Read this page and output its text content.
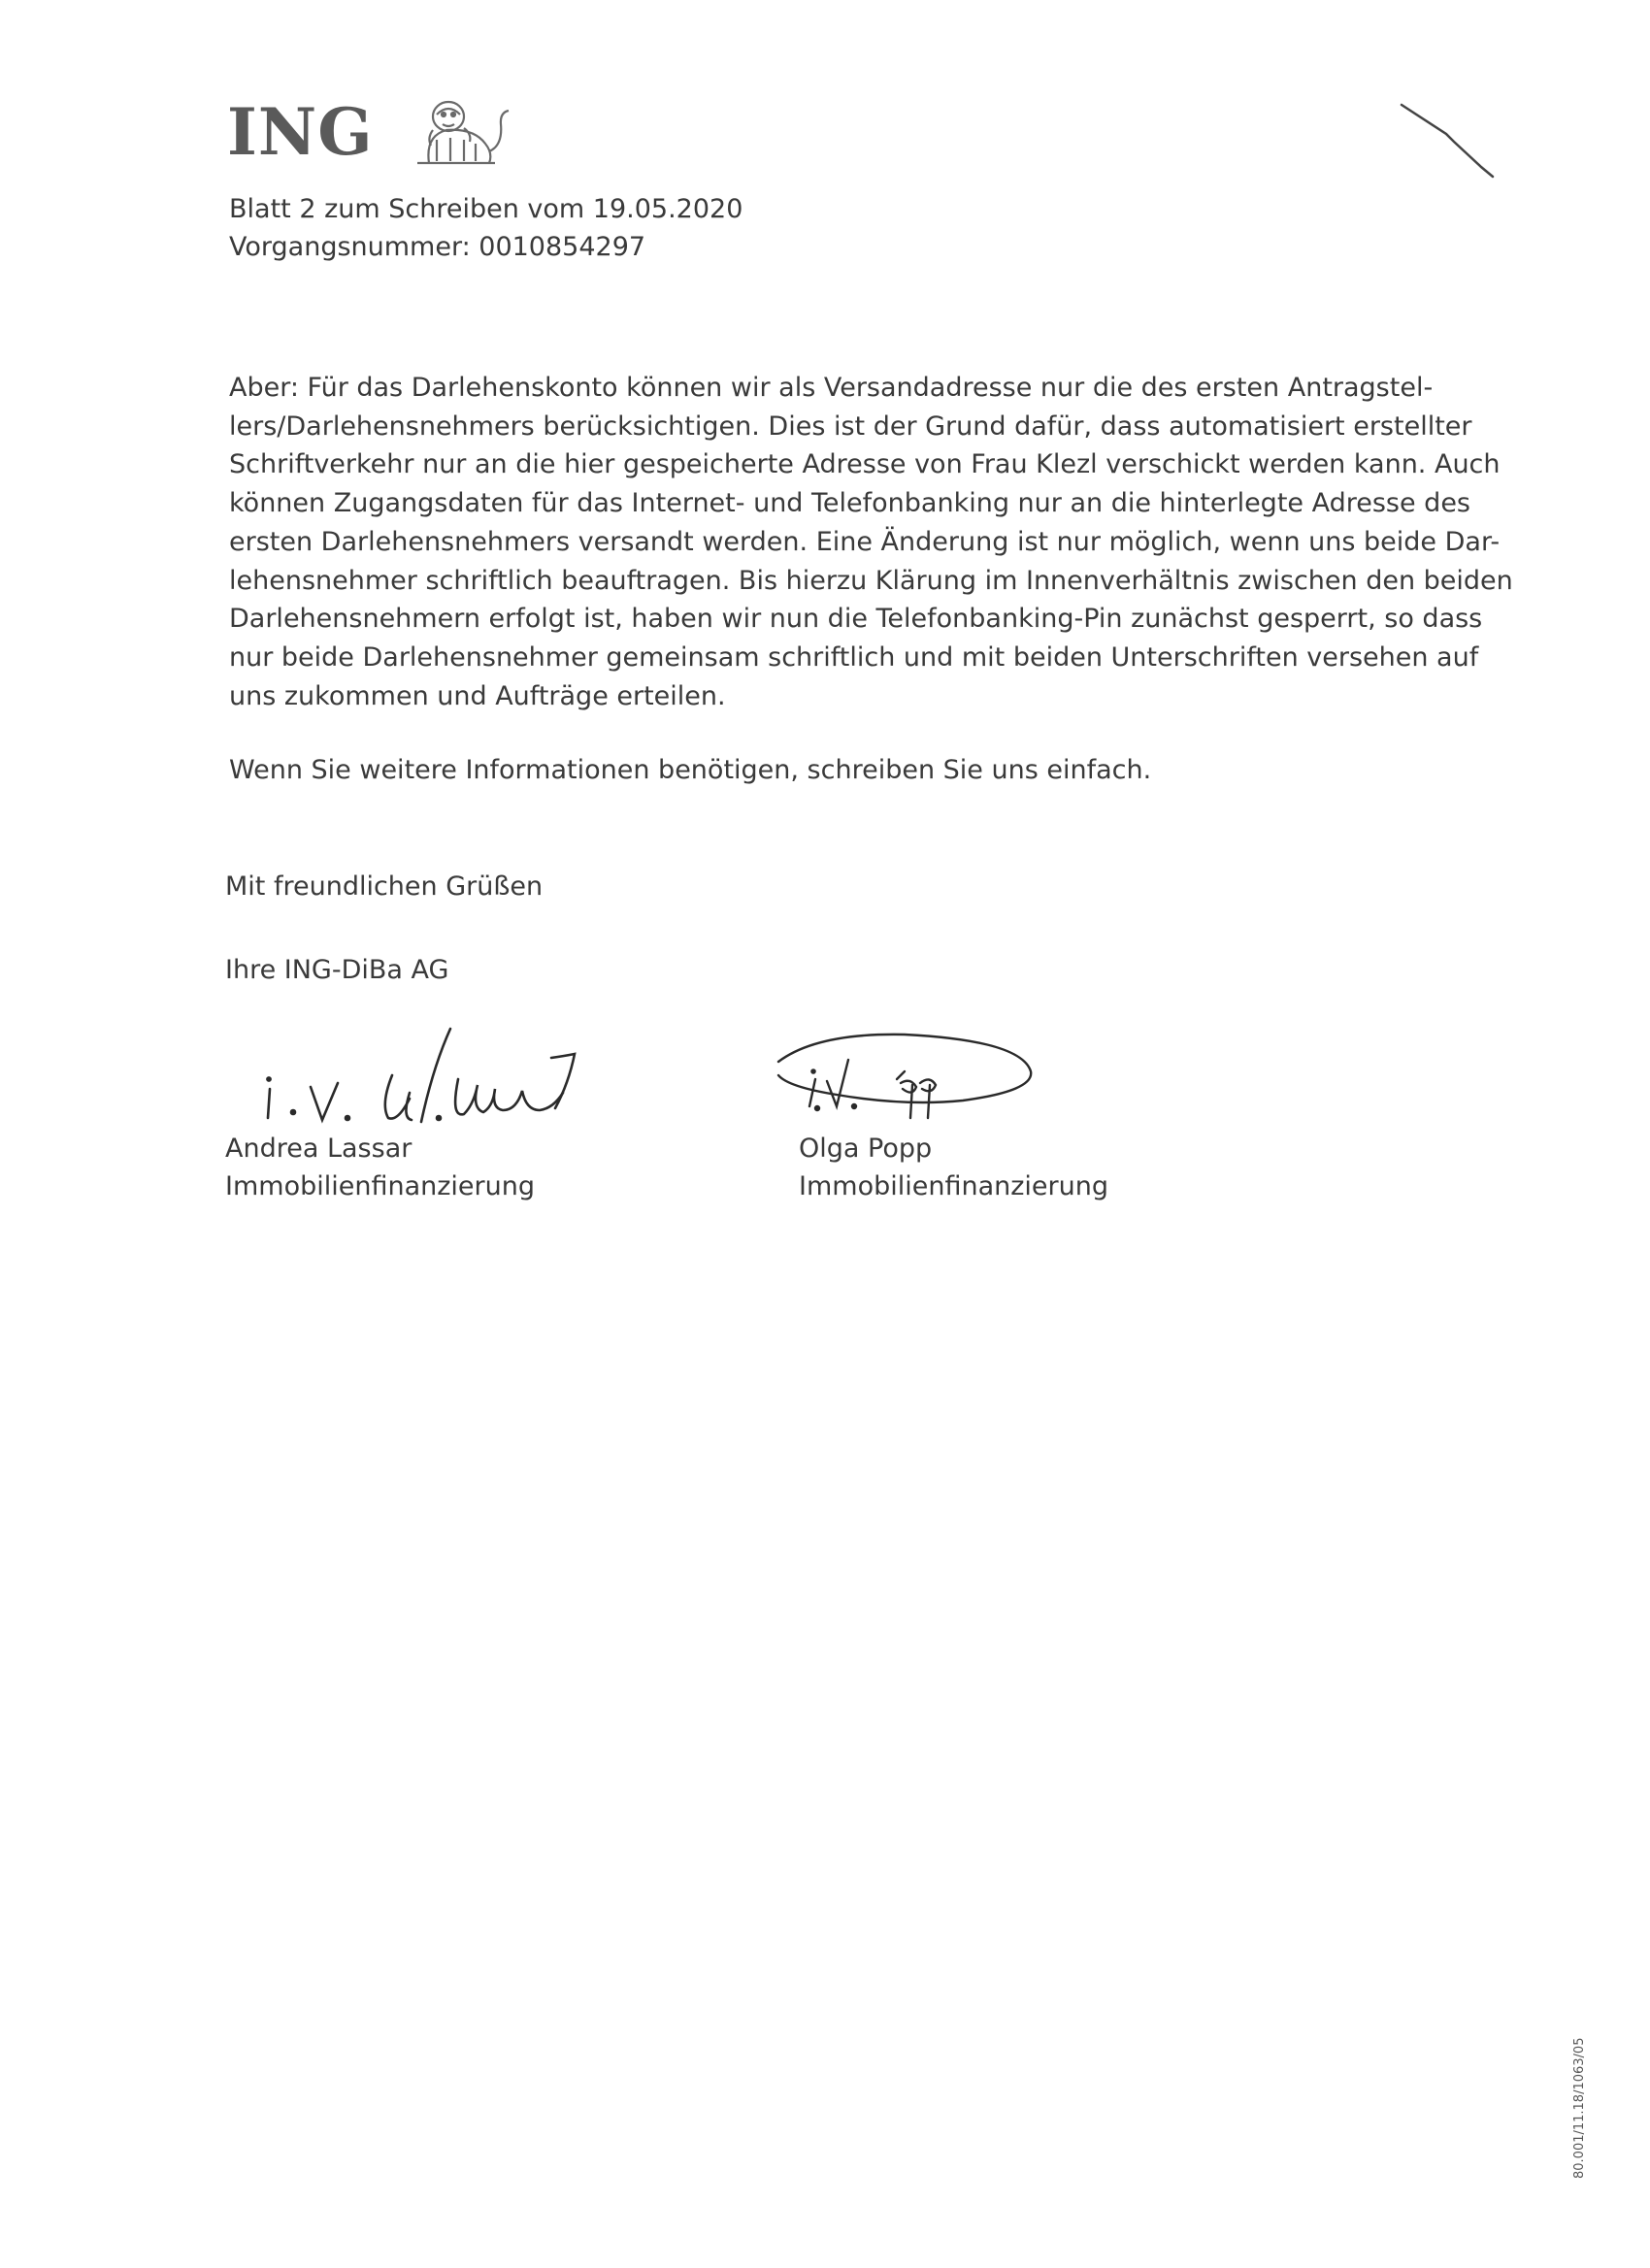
ING
Blatt 2 zum Schreiben vom 19.05.2020
Vorgangsnummer: 0010854297
Aber: Für das Darlehenskonto können wir als Versandadresse nur die des ersten Antragstel-
lers/Darlehensnehmers berücksichtigen. Dies ist der Grund dafür, dass automatisiert erstellter
Schriftverkehr nur an die hier gespeicherte Adresse von Frau Klezl verschickt werden kann. Auch
können Zugangsdaten für das Internet- und Telefonbanking nur an die hinterlegte Adresse des
ersten Darlehensnehmers versandt werden. Eine Änderung ist nur möglich, wenn uns beide Dar-
lehensnehmer schriftlich beauftragen. Bis hierzu Klärung im Innenverhältnis zwischen den beiden
Darlehensnehmern erfolgt ist, haben wir nun die Telefonbanking-Pin zunächst gesperrt, so dass
nur beide Darlehensnehmer gemeinsam schriftlich und mit beiden Unterschriften versehen auf
uns zukommen und Aufträge erteilen.
Wenn Sie weitere Informationen benötigen, schreiben Sie uns einfach.
Mit freundlichen Grüßen
Ihre ING-DiBa AG
Andrea Lassar
Immobilienfinanzierung
Olga Popp
Immobilienfinanzierung
80.001/11.18/1063/05
